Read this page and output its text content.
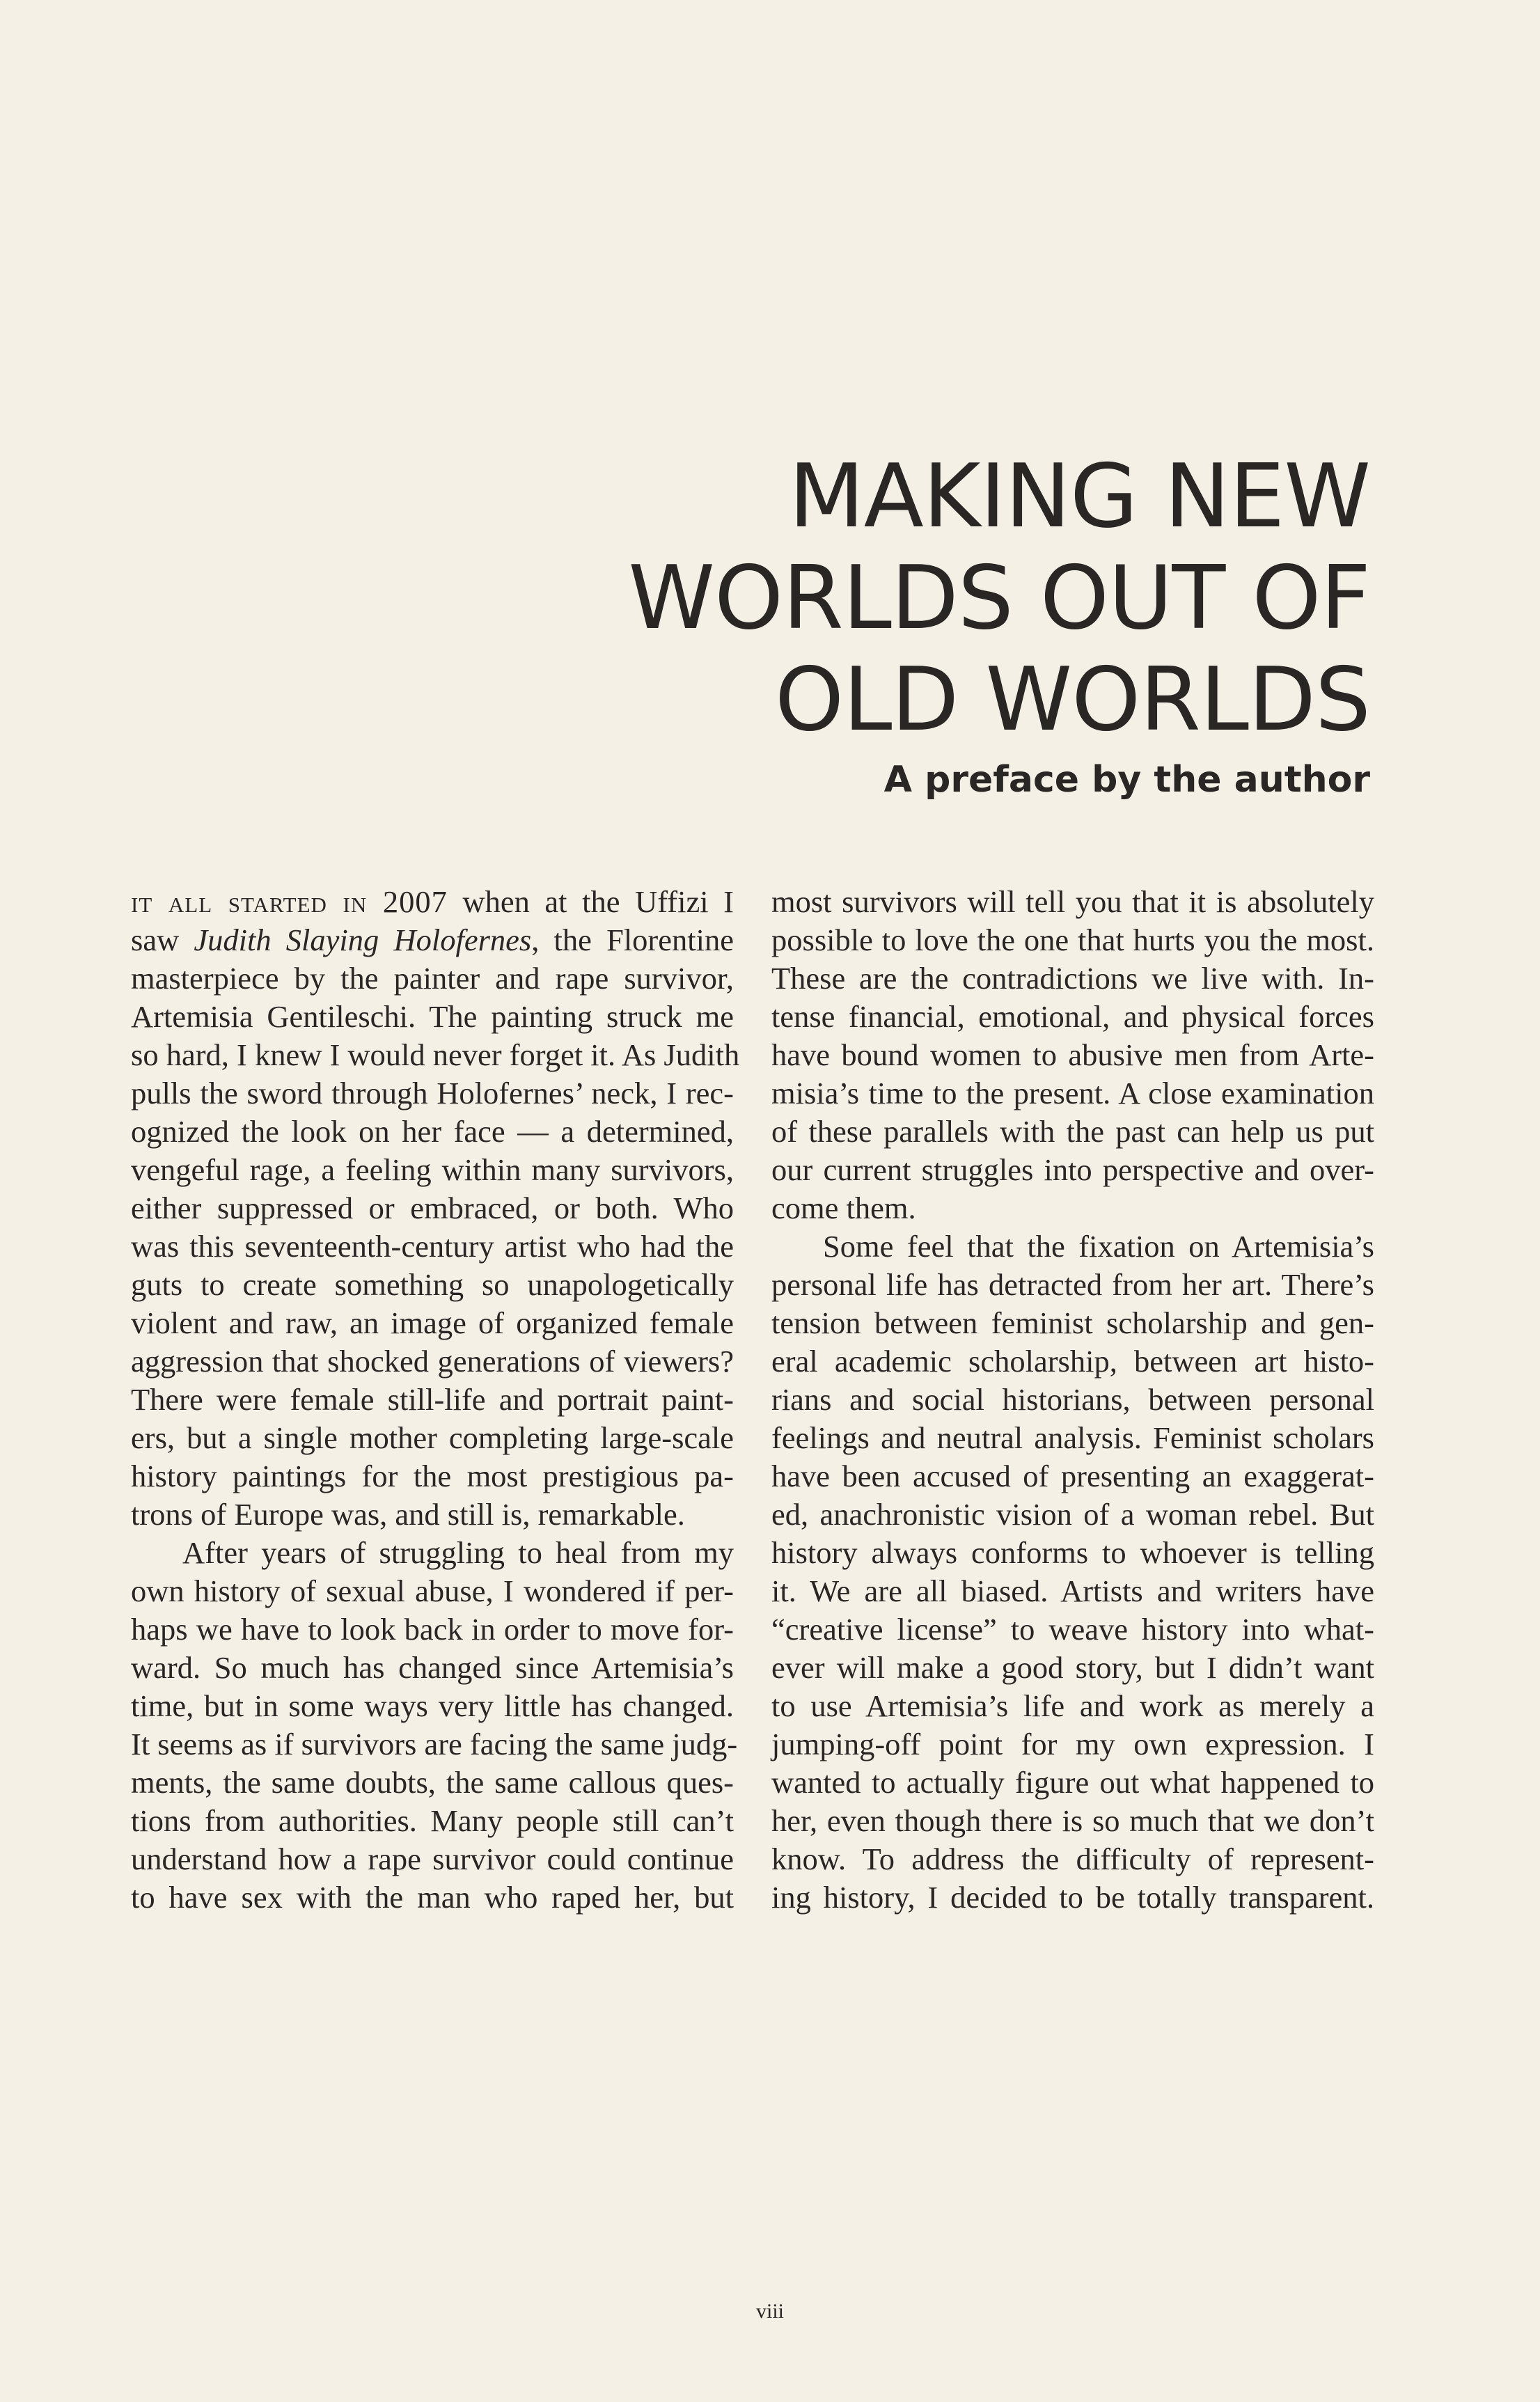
MAKING NEW
WORLDS OUT OF
OLD WORLDS
A preface by the author

it all started in 2007 when at the Uffizi I
saw Judith Slaying Holofernes, the Florentine
masterpiece by the painter and rape survivor,
Artemisia Gentileschi. The painting struck me
so hard, I knew I would never forget it. As Judith
pulls the sword through Holofernes’ neck, I rec-
ognized the look on her face — a determined,
vengeful rage, a feeling within many survivors,
either suppressed or embraced, or both. Who
was this seventeenth-century artist who had the
guts to create something so unapologetically
violent and raw, an image of organized female
aggression that shocked generations of viewers?
There were female still-life and portrait paint-
ers, but a single mother completing large-scale
history paintings for the most prestigious pa-
trons of Europe was, and still is, remarkable.

After years of struggling to heal from my
own history of sexual abuse, I wondered if per-
haps we have to look back in order to move for-
ward. So much has changed since Artemisia’s
time, but in some ways very little has changed.
It seems as if survivors are facing the same judg-
ments, the same doubts, the same callous ques-
tions from authorities. Many people still can’t
understand how a rape survivor could continue
to have sex with the man who raped her, but

most survivors will tell you that it is absolutely
possible to love the one that hurts you the most.
These are the contradictions we live with. In-
tense financial, emotional, and physical forces
have bound women to abusive men from Arte-
misia’s time to the present. A close examination
of these parallels with the past can help us put
our current struggles into perspective and over-
come them.

Some feel that the fixation on Artemisia’s
personal life has detracted from her art. There’s
tension between feminist scholarship and gen-
eral academic scholarship, between art histo-
rians and social historians, between personal
feelings and neutral analysis. Feminist scholars
have been accused of presenting an exaggerat-
ed, anachronistic vision of a woman rebel. But
history always conforms to whoever is telling
it. We are all biased. Artists and writers have
“creative license” to weave history into what-
ever will make a good story, but I didn’t want
to use Artemisia’s life and work as merely a
jumping-off point for my own expression. I
wanted to actually figure out what happened to
her, even though there is so much that we don’t
know. To address the difficulty of represent-
ing history, I decided to be totally transparent.

viii
